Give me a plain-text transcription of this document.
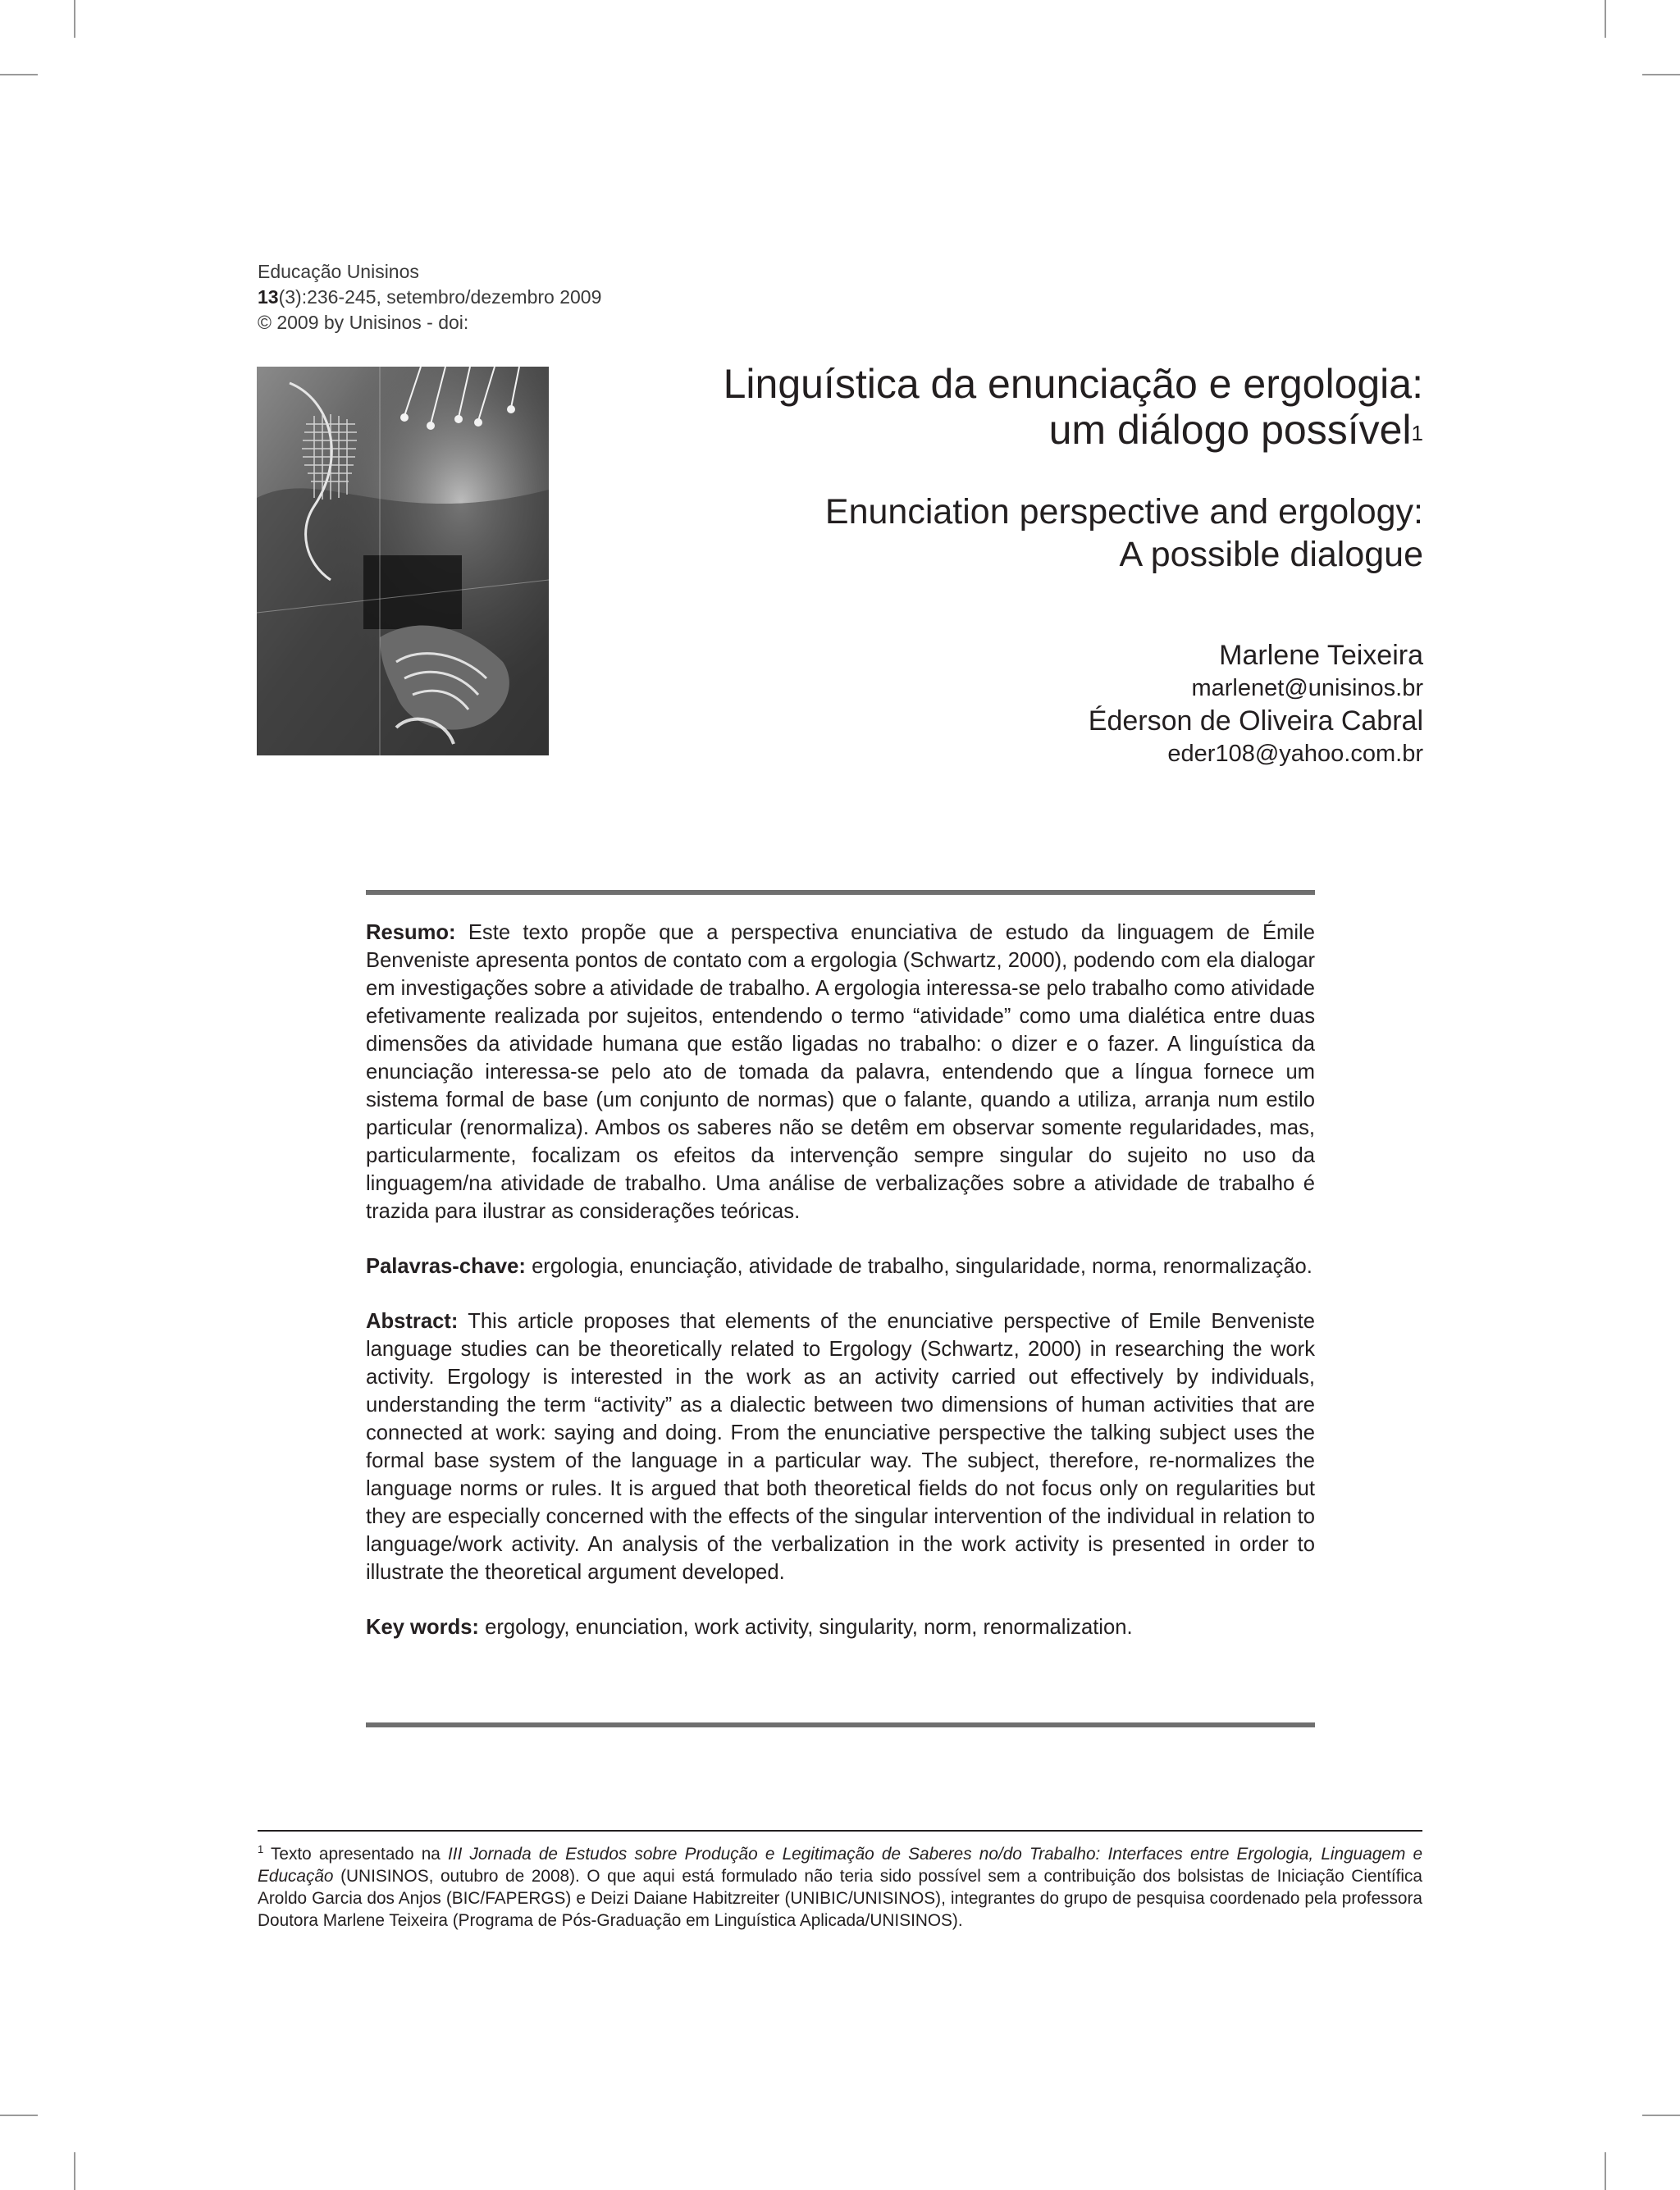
Educação Unisinos
13(3):236-245, setembro/dezembro 2009
© 2009 by Unisinos - doi:
Linguística da enunciação e ergologia:
um diálogo possível$^1$
Enunciation perspective and ergology:
A possible dialogue
Marlene Teixeira
marlenet@unisinos.br
Éderson de Oliveira Cabral
eder108@yahoo.com.br

Resumo: Este texto propõe que a perspectiva enunciativa de estudo da linguagem de Émile Benveniste apresenta pontos de contato com a ergologia (Schwartz, 2000), podendo com ela dialogar em investigações sobre a atividade de trabalho. A ergologia interessa-se pelo trabalho como atividade efetivamente realizada por sujeitos, entendendo o termo “atividade” como uma dialética entre duas dimensões da atividade humana que estão ligadas no trabalho: o dizer e o fazer. A linguística da enunciação interessa-se pelo ato de tomada da palavra, entendendo que a língua fornece um sistema formal de base (um conjunto de normas) que o falante, quando a utiliza, arranja num estilo particular (renormaliza). Ambos os saberes não se detêm em observar somente regularidades, mas, particularmente, focalizam os efeitos da intervenção sempre singular do sujeito no uso da linguagem/na atividade de trabalho. Uma análise de verbalizações sobre a atividade de trabalho é trazida para ilustrar as considerações teóricas.

Palavras-chave: ergologia, enunciação, atividade de trabalho, singularidade, norma, renormalização.

Abstract: This article proposes that elements of the enunciative perspective of Emile Benveniste language studies can be theoretically related to Ergology (Schwartz, 2000) in researching the work activity. Ergology is interested in the work as an activity carried out effectively by individuals, understanding the term “activity” as a dialectic between two dimensions of human activities that are connected at work: saying and doing. From the enunciative perspective the talking subject uses the formal base system of the language in a particular way. The subject, therefore, re-normalizes the language norms or rules. It is argued that both theoretical fields do not focus only on regularities but they are especially concerned with the effects of the singular intervention of the individual in relation to language/work activity. An analysis of the verbalization in the work activity is presented in order to illustrate the theoretical argument developed.

Key words: ergology, enunciation, work activity, singularity, norm, renormalization.

$^1$ Texto apresentado na III Jornada de Estudos sobre Produção e Legitimação de Saberes no/do Trabalho: Interfaces entre Ergologia, Linguagem e Educação (UNISINOS, outubro de 2008). O que aqui está formulado não teria sido possível sem a contribuição dos bolsistas de Iniciação Científica Aroldo Garcia dos Anjos (BIC/FAPERGS) e Deizi Daiane Habitzreiter (UNIBIC/UNISINOS), integrantes do grupo de pesquisa coordenado pela professora Doutora Marlene Teixeira (Programa de Pós-Graduação em Linguística Aplicada/UNISINOS).
